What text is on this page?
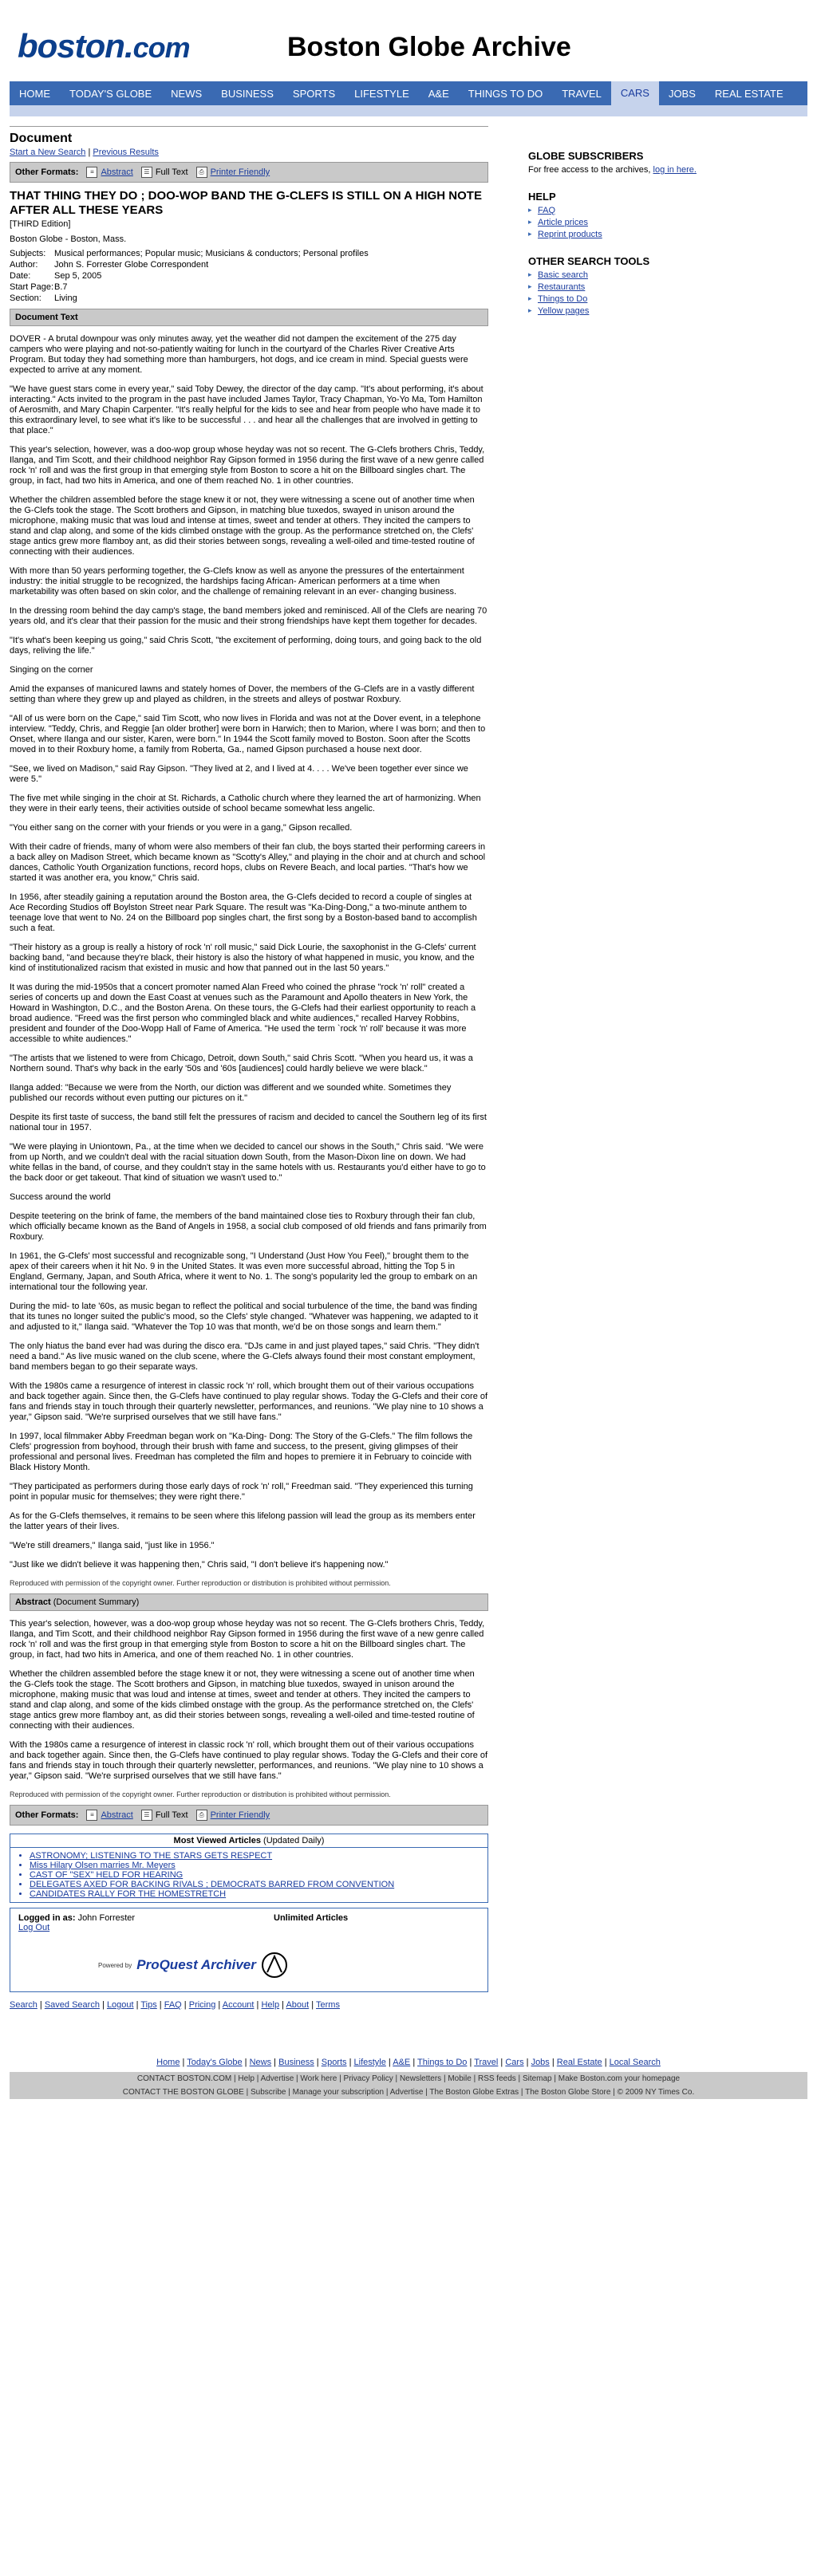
boston.com	Boston Globe Archive
HOME	TODAY'S GLOBE	NEWS	BUSINESS	SPORTS	LIFESTYLE	A&E	THINGS TO DO	TRAVEL	CARS	JOBS	REAL ESTATE
Document
Start a New Search | Previous Results
Other Formats:	≡ Abstract	☰ Full Text	⎙ Printer Friendly
THAT THING THEY DO ; DOO-WOP BAND THE G-CLEFS IS STILL ON A HIGH NOTE AFTER ALL THESE YEARS
[THIRD Edition]
Boston Globe - Boston, Mass.
Subjects:	Musical performances; Popular music; Musicians & conductors; Personal profiles
Author:	John S. Forrester Globe Correspondent
Date:	Sep 5, 2005
Start Page:	B.7
Section:	Living
Document Text

DOVER - A brutal downpour was only minutes away, yet the weather did not dampen the excitement of the 275 day campers who were playing and not-so-patiently waiting for lunch in the courtyard of the Charles River Creative Arts Program. But today they had something more than hamburgers, hot dogs, and ice cream in mind. Special guests were expected to arrive at any moment.

"We have guest stars come in every year," said Toby Dewey, the director of the day camp. "It's about performing, it's about interacting." Acts invited to the program in the past have included James Taylor, Tracy Chapman, Yo-Yo Ma, Tom Hamilton of Aerosmith, and Mary Chapin Carpenter. "It's really helpful for the kids to see and hear from people who have made it to this extraordinary level, to see what it's like to be successful . . . and hear all the challenges that are involved in getting to that place."

This year's selection, however, was a doo-wop group whose heyday was not so recent. The G-Clefs brothers Chris, Teddy, Ilanga, and Tim Scott, and their childhood neighbor Ray Gipson formed in 1956 during the first wave of a new genre called rock 'n' roll and was the first group in that emerging style from Boston to score a hit on the Billboard singles chart. The group, in fact, had two hits in America, and one of them reached No. 1 in other countries.

Whether the children assembled before the stage knew it or not, they were witnessing a scene out of another time when the G-Clefs took the stage. The Scott brothers and Gipson, in matching blue tuxedos, swayed in unison around the microphone, making music that was loud and intense at times, sweet and tender at others. They incited the campers to stand and clap along, and some of the kids climbed onstage with the group. As the performance stretched on, the Clefs' stage antics grew more flamboy ant, as did their stories between songs, revealing a well-oiled and time-tested routine of connecting with their audiences.

With more than 50 years performing together, the G-Clefs know as well as anyone the pressures of the entertainment industry: the initial struggle to be recognized, the hardships facing African- American performers at a time when marketability was often based on skin color, and the challenge of remaining relevant in an ever- changing business.

In the dressing room behind the day camp's stage, the band members joked and reminisced. All of the Clefs are nearing 70 years old, and it's clear that their passion for the music and their strong friendships have kept them together for decades.

"It's what's been keeping us going," said Chris Scott, "the excitement of performing, doing tours, and going back to the old days, reliving the life."

Singing on the corner

Amid the expanses of manicured lawns and stately homes of Dover, the members of the G-Clefs are in a vastly different setting than where they grew up and played as children, in the streets and alleys of postwar Roxbury.

"All of us were born on the Cape," said Tim Scott, who now lives in Florida and was not at the Dover event, in a telephone interview. "Teddy, Chris, and Reggie [an older brother] were born in Harwich; then to Marion, where I was born; and then to Onset, where Ilanga and our sister, Karen, were born." In 1944 the Scott family moved to Boston. Soon after the Scotts moved in to their Roxbury home, a family from Roberta, Ga., named Gipson purchased a house next door.

"See, we lived on Madison," said Ray Gipson. "They lived at 2, and I lived at 4. . . . We've been together ever since we were 5."

The five met while singing in the choir at St. Richards, a Catholic church where they learned the art of harmonizing. When they were in their early teens, their activities outside of school became somewhat less angelic.

"You either sang on the corner with your friends or you were in a gang," Gipson recalled.

With their cadre of friends, many of whom were also members of their fan club, the boys started their performing careers in a back alley on Madison Street, which became known as "Scotty's Alley," and playing in the choir and at church and school dances, Catholic Youth Organization functions, record hops, clubs on Revere Beach, and local parties. "That's how we started it was another era, you know," Chris said.

In 1956, after steadily gaining a reputation around the Boston area, the G-Clefs decided to record a couple of singles at Ace Recording Studios off Boylston Street near Park Square. The result was "Ka-Ding-Dong," a two-minute anthem to teenage love that went to No. 24 on the Billboard pop singles chart, the first song by a Boston-based band to accomplish such a feat.

"Their history as a group is really a history of rock 'n' roll music," said Dick Lourie, the saxophonist in the G-Clefs' current backing band, "and because they're black, their history is also the history of what happened in music, you know, and the kind of institutionalized racism that existed in music and how that panned out in the last 50 years."

It was during the mid-1950s that a concert promoter named Alan Freed who coined the phrase "rock 'n' roll" created a series of concerts up and down the East Coast at venues such as the Paramount and Apollo theaters in New York, the Howard in Washington, D.C., and the Boston Arena. On these tours, the G-Clefs had their earliest opportunity to reach a broad audience. "Freed was the first person who commingled black and white audiences," recalled Harvey Robbins, president and founder of the Doo-Wopp Hall of Fame of America. "He used the term `rock 'n' roll' because it was more accessible to white audiences."

"The artists that we listened to were from Chicago, Detroit, down South," said Chris Scott. "When you heard us, it was a Northern sound. That's why back in the early '50s and '60s [audiences] could hardly believe we were black."

Ilanga added: "Because we were from the North, our diction was different and we sounded white. Sometimes they published our records without even putting our pictures on it."

Despite its first taste of success, the band still felt the pressures of racism and decided to cancel the Southern leg of its first national tour in 1957.

"We were playing in Uniontown, Pa., at the time when we decided to cancel our shows in the South," Chris said. "We were from up North, and we couldn't deal with the racial situation down South, from the Mason-Dixon line on down. We had white fellas in the band, of course, and they couldn't stay in the same hotels with us. Restaurants you'd either have to go to the back door or get takeout. That kind of situation we wasn't used to."

Success around the world

Despite teetering on the brink of fame, the members of the band maintained close ties to Roxbury through their fan club, which officially became known as the Band of Angels in 1958, a social club composed of old friends and fans primarily from Roxbury.

In 1961, the G-Clefs' most successful and recognizable song, "I Understand (Just How You Feel)," brought them to the apex of their careers when it hit No. 9 in the United States. It was even more successful abroad, hitting the Top 5 in England, Germany, Japan, and South Africa, where it went to No. 1. The song's popularity led the group to embark on an international tour the following year.

During the mid- to late '60s, as music began to reflect the political and social turbulence of the time, the band was finding that its tunes no longer suited the public's mood, so the Clefs' style changed. "Whatever was happening, we adapted to it and adjusted to it," Ilanga said. "Whatever the Top 10 was that month, we'd be on those songs and learn them."

The only hiatus the band ever had was during the disco era. "DJs came in and just played tapes," said Chris. "They didn't need a band." As live music waned on the club scene, where the G-Clefs always found their most constant employment, band members began to go their separate ways.

With the 1980s came a resurgence of interest in classic rock 'n' roll, which brought them out of their various occupations and back together again. Since then, the G-Clefs have continued to play regular shows. Today the G-Clefs and their core of fans and friends stay in touch through their quarterly newsletter, performances, and reunions. "We play nine to 10 shows a year," Gipson said. "We're surprised ourselves that we still have fans."

In 1997, local filmmaker Abby Freedman began work on "Ka-Ding- Dong: The Story of the G-Clefs." The film follows the Clefs' progression from boyhood, through their brush with fame and success, to the present, giving glimpses of their professional and personal lives. Freedman has completed the film and hopes to premiere it in February to coincide with Black History Month.

"They participated as performers during those early days of rock 'n' roll," Freedman said. "They experienced this turning point in popular music for themselves; they were right there."

As for the G-Clefs themselves, it remains to be seen where this lifelong passion will lead the group as its members enter the latter years of their lives.

"We're still dreamers," Ilanga said, "just like in 1956."

"Just like we didn't believe it was happening then," Chris said, "I don't believe it's happening now."

Reproduced with permission of the copyright owner. Further reproduction or distribution is prohibited without permission.
Abstract (Document Summary)

This year's selection, however, was a doo-wop group whose heyday was not so recent. The G-Clefs brothers Chris, Teddy, Ilanga, and Tim Scott, and their childhood neighbor Ray Gipson formed in 1956 during the first wave of a new genre called rock 'n' roll and was the first group in that emerging style from Boston to score a hit on the Billboard singles chart. The group, in fact, had two hits in America, and one of them reached No. 1 in other countries.

Whether the children assembled before the stage knew it or not, they were witnessing a scene out of another time when the G-Clefs took the stage. The Scott brothers and Gipson, in matching blue tuxedos, swayed in unison around the microphone, making music that was loud and intense at times, sweet and tender at others. They incited the campers to stand and clap along, and some of the kids climbed onstage with the group. As the performance stretched on, the Clefs' stage antics grew more flamboy ant, as did their stories between songs, revealing a well-oiled and time-tested routine of connecting with their audiences.

With the 1980s came a resurgence of interest in classic rock 'n' roll, which brought them out of their various occupations and back together again. Since then, the G-Clefs have continued to play regular shows. Today the G-Clefs and their core of fans and friends stay in touch through their quarterly newsletter, performances, and reunions. "We play nine to 10 shows a year," Gipson said. "We're surprised ourselves that we still have fans."

Reproduced with permission of the copyright owner. Further reproduction or distribution is prohibited without permission.
Other Formats:	≡ Abstract	☰ Full Text	⎙ Printer Friendly
Most Viewed Articles (Updated Daily)
• ASTRONOMY; LISTENING TO THE STARS GETS RESPECT
• Miss Hilary Olsen marries Mr. Meyers
• CAST OF "SEX" HELD FOR HEARING
• DELEGATES AXED FOR BACKING RIVALS ; DEMOCRATS BARRED FROM CONVENTION
• CANDIDATES RALLY FOR THE HOMESTRETCH
Logged in as: John Forrester
Log Out
Unlimited Articles
Powered by ProQuest Archiver
Search | Saved Search | Logout | Tips | FAQ | Pricing | Account | Help | About | Terms
GLOBE SUBSCRIBERS

For free access to the archives, log in here.

HELP
▸ FAQ
▸ Article prices
▸ Reprint products
OTHER SEARCH TOOLS
▸ Basic search
▸ Restaurants
▸ Things to Do
▸ Yellow pages
Home | Today's Globe | News | Business | Sports | Lifestyle | A&E | Things to Do | Travel | Cars | Jobs | Real Estate | Local Search
CONTACT BOSTON.COM | Help | Advertise | Work here | Privacy Policy | Newsletters | Mobile | RSS feeds | Sitemap | Make Boston.com your homepage
CONTACT THE BOSTON GLOBE | Subscribe | Manage your subscription | Advertise | The Boston Globe Extras | The Boston Globe Store | © 2009 NY Times Co.
